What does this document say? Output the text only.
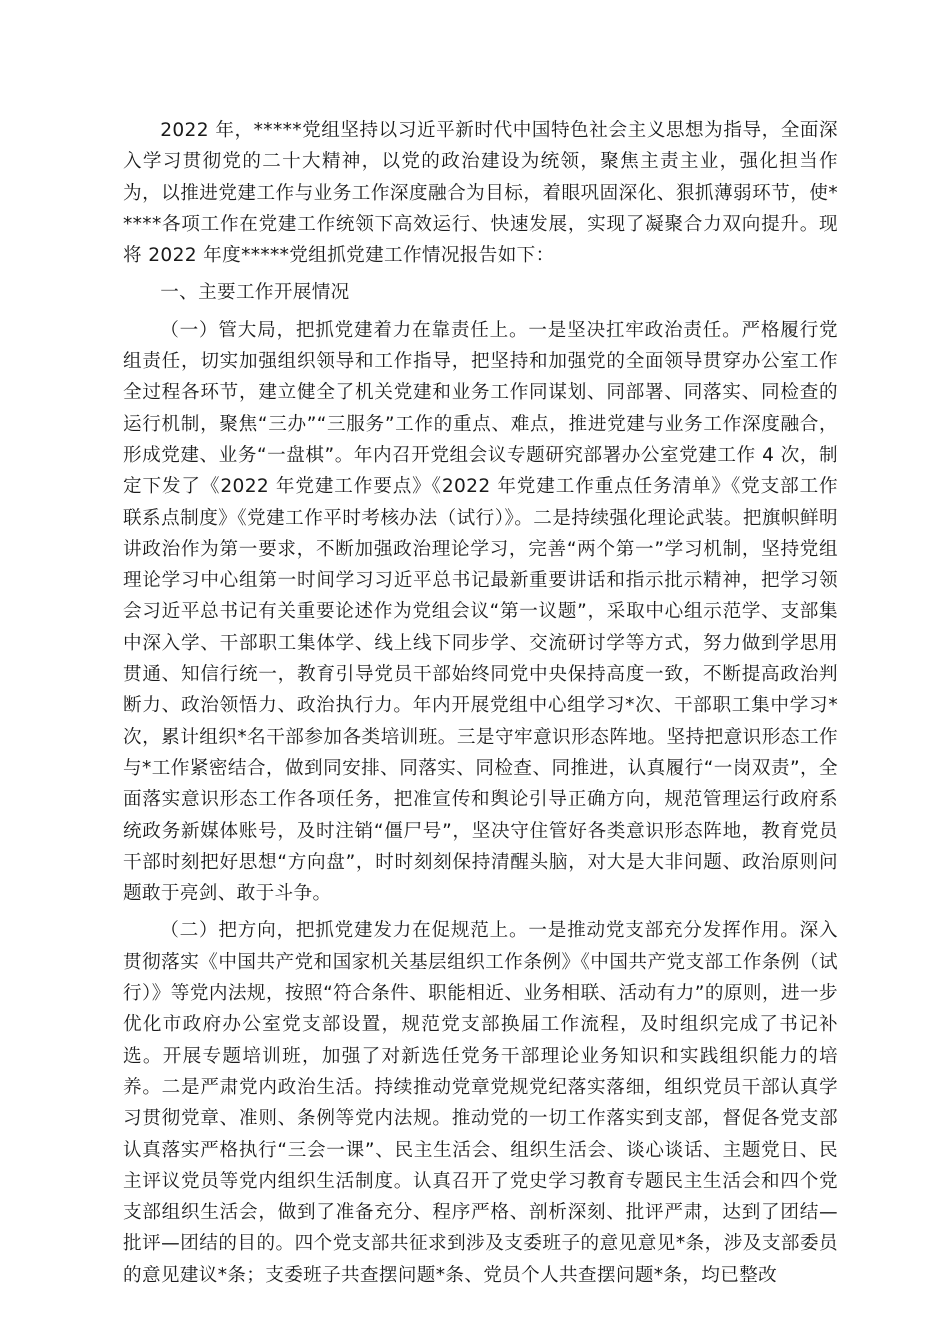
2022 年，*****党组坚持以习近平新时代中国特色社会主义思想为指导，全面深入学习贯彻党的二十大精神，以党的政治建设为统领，聚焦主责主业，强化担当作为，以推进党建工作与业务工作深度融合为目标，着眼巩固深化、狠抓薄弱环节，使*****各项工作在党建工作统领下高效运行、快速发展，实现了凝聚合力双向提升。现将 2022 年度*****党组抓党建工作情况报告如下：

一、主要工作开展情况

（一）管大局，把抓党建着力在靠责任上。一是坚决扛牢政治责任。严格履行党组责任，切实加强组织领导和工作指导，把坚持和加强党的全面领导贯穿办公室工作全过程各环节，建立健全了机关党建和业务工作同谋划、同部署、同落实、同检查的运行机制，聚焦“三办”“三服务”工作的重点、难点，推进党建与业务工作深度融合，形成党建、业务“一盘棋”。年内召开党组会议专题研究部署办公室党建工作 4 次，制定下发了《2022 年党建工作要点》《2022 年党建工作重点任务清单》《党支部工作联系点制度》《党建工作平时考核办法（试行）》。二是持续强化理论武装。把旗帜鲜明讲政治作为第一要求，不断加强政治理论学习，完善“两个第一”学习机制，坚持党组理论学习中心组第一时间学习习近平总书记最新重要讲话和指示批示精神，把学习领会习近平总书记有关重要论述作为党组会议“第一议题”，采取中心组示范学、支部集中深入学、干部职工集体学、线上线下同步学、交流研讨学等方式，努力做到学思用贯通、知信行统一，教育引导党员干部始终同党中央保持高度一致，不断提高政治判断力、政治领悟力、政治执行力。年内开展党组中心组学习*次、干部职工集中学习*次，累计组织*名干部参加各类培训班。三是守牢意识形态阵地。坚持把意识形态工作与*工作紧密结合，做到同安排、同落实、同检查、同推进，认真履行“一岗双责”，全面落实意识形态工作各项任务，把准宣传和舆论引导正确方向，规范管理运行政府系统政务新媒体账号，及时注销“僵尸号”，坚决守住管好各类意识形态阵地，教育党员干部时刻把好思想“方向盘”，时时刻刻保持清醒头脑，对大是大非问题、政治原则问题敢于亮剑、敢于斗争。

（二）把方向，把抓党建发力在促规范上。一是推动党支部充分发挥作用。深入贯彻落实《中国共产党和国家机关基层组织工作条例》《中国共产党支部工作条例（试行）》等党内法规，按照“符合条件、职能相近、业务相联、活动有力”的原则，进一步优化市政府办公室党支部设置，规范党支部换届工作流程，及时组织完成了书记补选。开展专题培训班，加强了对新选任党务干部理论业务知识和实践组织能力的培养。二是严肃党内政治生活。持续推动党章党规党纪落实落细，组织党员干部认真学习贯彻党章、准则、条例等党内法规。推动党的一切工作落实到支部，督促各党支部认真落实严格执行“三会一课”、民主生活会、组织生活会、谈心谈话、主题党日、民主评议党员等党内组织生活制度。认真召开了党史学习教育专题民主生活会和四个党支部组织生活会，做到了准备充分、程序严格、剖析深刻、批评严肃，达到了团结—批评—团结的目的。四个党支部共征求到涉及支委班子的意见意见*条，涉及支部委员的意见建议*条；支委班子共查摆问题*条、党员个人共查摆问题*条，均已整改
